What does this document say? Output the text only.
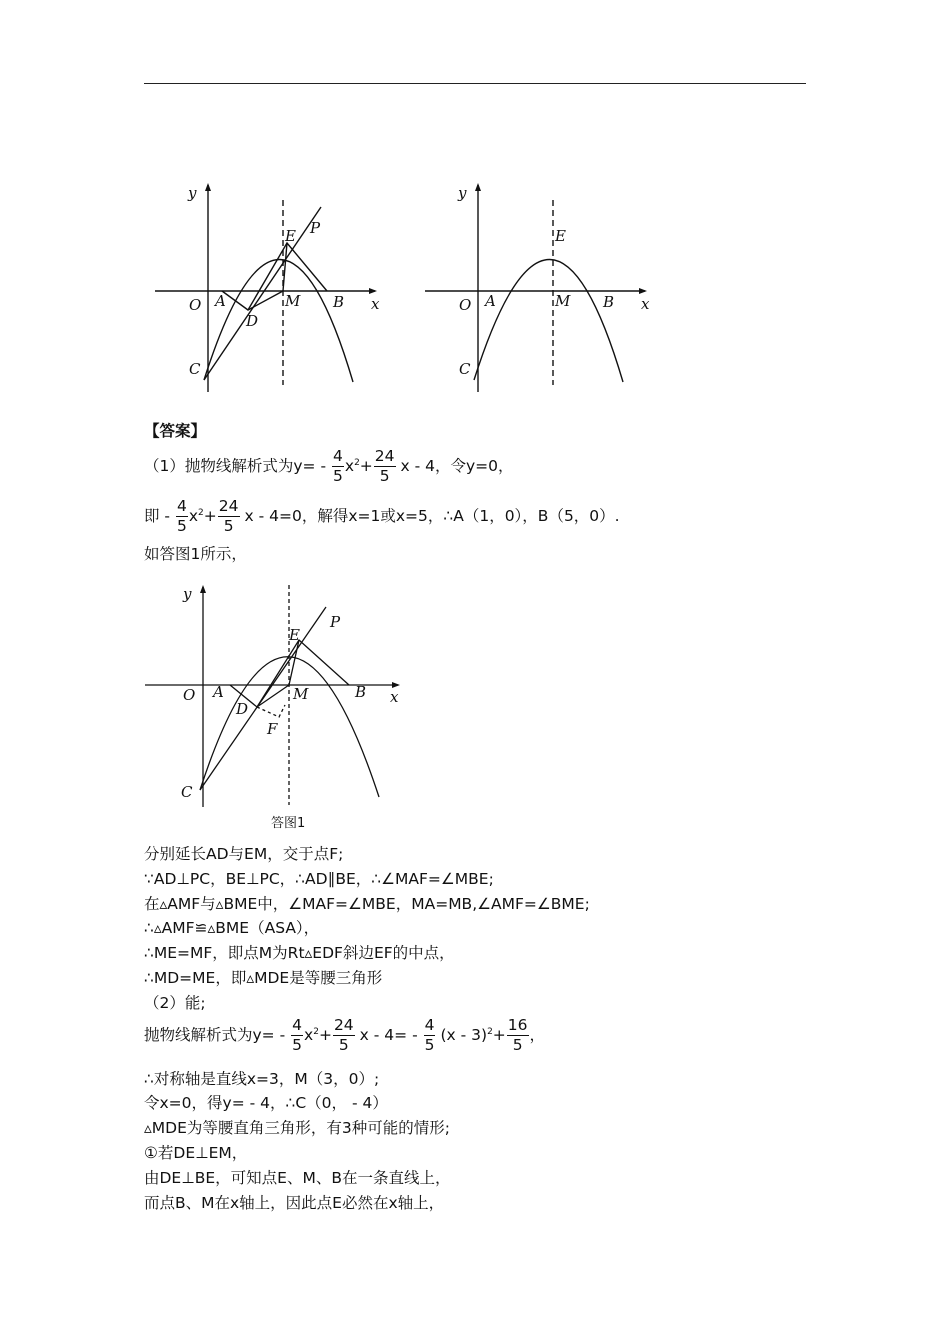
y
x
O A	B
C
D
E
M
P
y
x
O A	B
C
E
M
【答案】
（1）抛物线解析式为$y= - \frac{4}{5} x^2+ \frac{24}{5}$ x - 4，令y=0，
即 - $\frac{4}{5} x^2+ \frac{24}{5}$ x - 4=0，解得x=1或x=5，∴A（1，0），B（5，0）.
如答图1所示，
y
x
O A	B
C
D
E
M
P
F
答图1
分别延长AD与EM，交于点F;
∵AD⊥PC，BE⊥PC，∴AD∥BE，∴∠MAF=∠MBE;
在▵AMF与▵BME中，∠MAF=∠MBE，MA=MB,∠AMF=∠BME;
∴▵AMF≌▵BME（ASA），
∴ME=MF，即点M为Rt▵EDF斜边EF的中点，
∴MD=ME，即▵MDE是等腰三角形
（2）能;
抛物线解析式为$y= - \frac{4}{5} x^2+ \frac{24}{5}$ $x - 4= - \frac{4}{5} (x - 3)^2+ \frac{16}{5}$ ，
∴对称轴是直线x=3，M（3，0）;
令x=0，得y= - 4，∴C（0， - 4）
▵MDE为等腰直角三角形，有3种可能的情形;
①若DE⊥EM，
由DE⊥BE，可知点E、M、B在一条直线上，
而点B、M在x轴上，因此点E必然在x轴上，
